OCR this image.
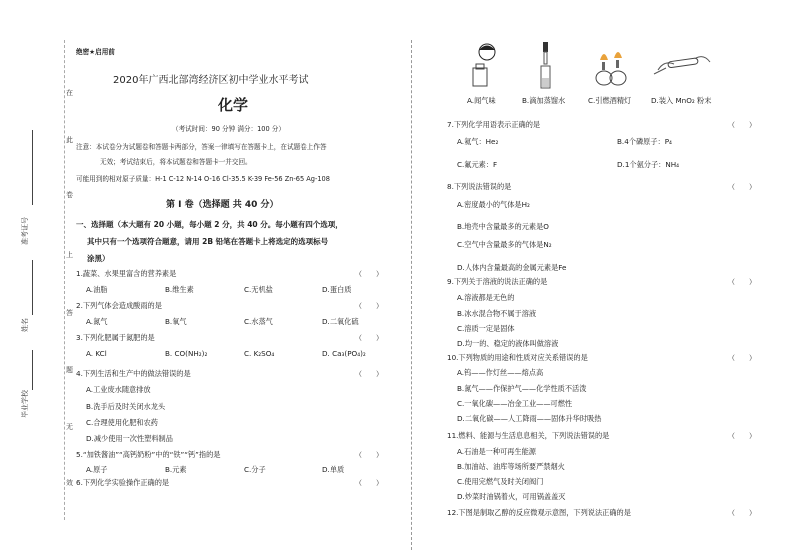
在
此
卷
上
答
题
无
效
准考证号
姓名
毕业学校
绝密★启用前
2020年广西北部湾经济区初中学业水平考试
化学
（考试时间：90 分钟 满分：100 分）
注意：本试卷分为试题卷和答题卡两部分，答案一律填写在答题卡上，在试题卷上作答
无效；考试结束后，将本试题卷和答题卡一并交回。
可能用到的相对原子质量：H-1 C-12 N-14 O-16 Cl-35.5 K-39 Fe-56 Zn-65 Ag-108
第 I 卷（选择题 共 40 分）
一、选择题（本大题有 20 小题，每小题 2 分，共 40 分。每小题有四个选项，
其中只有一个选项符合题意，请用 2B 铅笔在答题卡上将选定的选项标号
涂黑）
1.蔬菜、水果里富含的营养素是	（　　）
A.油脂	B.维生素	C.无机盐	D.蛋白质
2.下列气体会造成酸雨的是	（　　）
A.氮气	B.氧气	C.水蒸气	D.二氧化硫
3.下列化肥属于氮肥的是	（　　）
A. KCl	B. CO(NH₂)₂	C. K₂SO₄	D. Ca₃(PO₄)₂
4.下列生活和生产中的做法错误的是	（　　）
A.工业废水随意排放
B.洗手后及时关闭水龙头
C.合理使用化肥和农药
D.减少使用一次性塑料制品
5.“加铁酱油”“高钙奶粉”中的“铁”“钙”指的是	（　　）
A.原子	B.元素	C.分子	D.单质
6.下列化学实验操作正确的是	（　　）
A.闻气味	B.滴加蒸馏水	C.引燃酒精灯	D.装入 MnO₂ 粉末
7.下列化学用语表示正确的是	（　　）
A.氦气：He₂	B.4个磷原子：P₄
C.氟元素：F	D.1个氨分子：NH₄
8.下列说法错误的是	（　　）
A.密度最小的气体是H₂
B.地壳中含量最多的元素是O
C.空气中含量最多的气体是N₂
D.人体内含量最高的金属元素是Fe
9.下列关于溶液的说法正确的是	（　　）
A.溶液都是无色的
B.冰水混合物不属于溶液
C.溶质一定是固体
D.均一的、稳定的液体叫做溶液
10.下列物质的用途和性质对应关系错误的是	（　　）
A.钨——作灯丝——熔点高
B.氮气——作保护气——化学性质不活泼
C.一氧化碳——冶金工业——可燃性
D.二氧化碳——人工降雨——固体升华时吸热
11.燃料、能源与生活息息相关，下列说法错误的是	（　　）
A.石油是一种可再生能源
B.加油站、油库等场所要严禁烟火
C.使用完燃气及时关闭阀门
D.炒菜时油锅着火，可用锅盖盖灭
12.下图是制取乙醇的反应微观示意图，下列说法正确的是	（　　）
